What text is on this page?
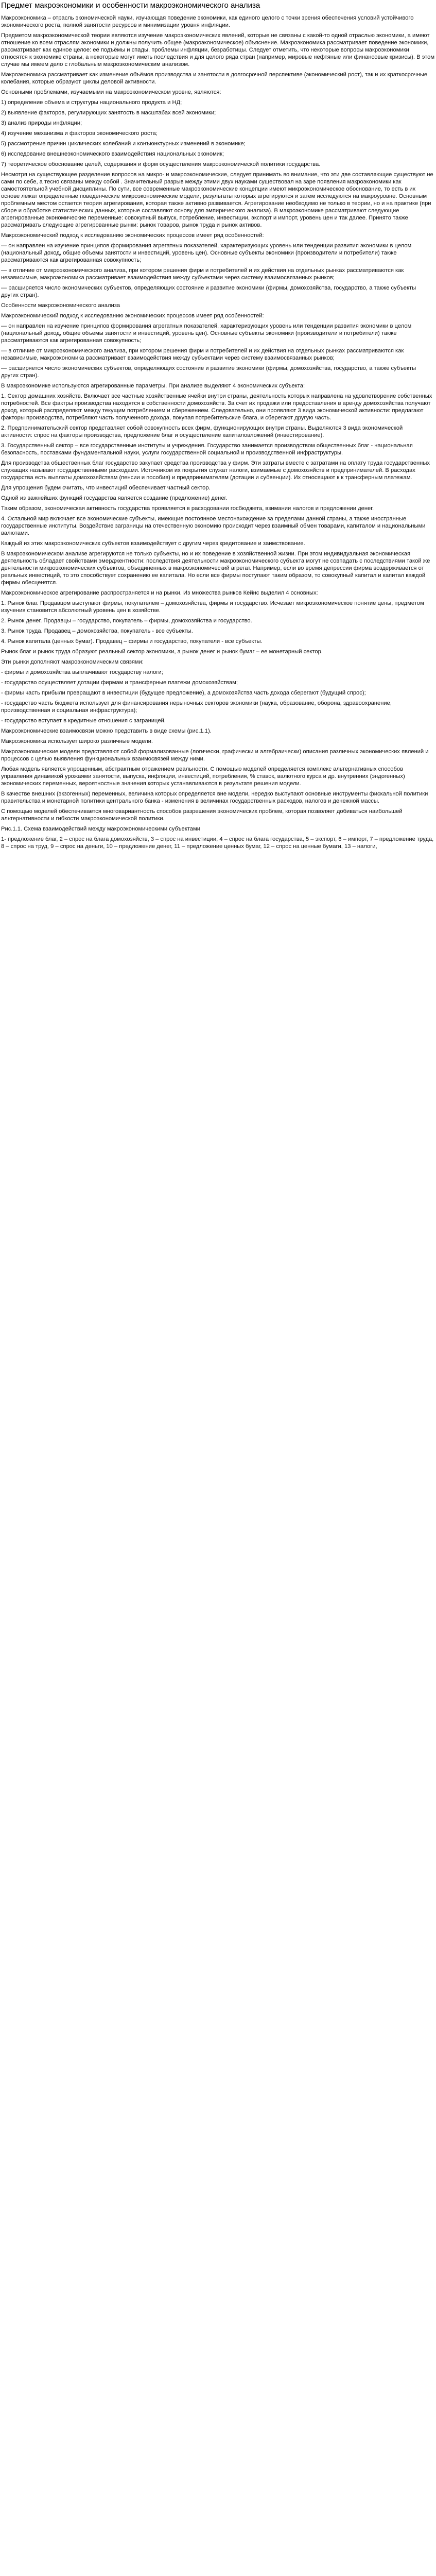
Предмет макроэкономики и особенности макроэкономического анализа

Макроэкономика – отрасль экономической науки, изучающая поведение экономики, как единого целого с точки зрения обеспечения условий устойчивого экономического роста, полной занятости ресурсов и минимизации уровня инфляции.

Предметом макроэкономической теории являются изучение макроэкономических явлений, которые не связаны с какой-то одной отраслью экономики, а имеют отношение ко всем отраслям экономики и должны получить общее (макроэкономическое) объяснение. Макроэкономика рассматривает поведение экономики, рассматривает как единое целое: её подъёмы и спады, проблемы инфляции, безработицы. Следует отметить, что некоторые вопросы макроэкономики относятся к экономике страны, а некоторые могут иметь последствия и для целого ряда стран (например, мировые нефтяные или финансовые кризисы). В этом случае мы имеем дело с глобальным макроэкономическим анализом.

Макроэкономика рассматривает как изменение объёмов производства и занятости в долгосрочной перспективе (экономический рост), так и их краткосрочные колебания, которые образуют циклы деловой активности.

Основными проблемами, изучаемыми на макроэкономическом уровне, являются:

1) определение объема и структуры национального продукта и НД;

2) выявление факторов, регулирующих занятость в масштабах всей экономики;

3) анализ природы инфляции;

4) изучение механизма и факторов экономического роста;

5) рассмотрение причин циклических колебаний и конъюнктурных изменений в экономике;

6) исследование внешнеэкономического взаимодействия национальных экономик;

7) теоретическое обоснование целей, содержания и форм осуществления макроэкономической политики государства.

Несмотря на существующее разделение вопросов на микро- и макроэкономические, следует принимать во внимание, что эти две составляющие существуют не сами по себе, а тесно связаны между собой . Значительный разрыв между этими двух науками существовал на заре появления макроэкономики как самостоятельной учебной дисциплины. По сути, все современные макроэкономические концепции имеют микроэкономическое обоснование, то есть в их основе лежат определенные поведенческие микроэкономические модели, результаты которых агрегируются и затем исследуются на макроуровне. Основным проблемным местом остается теория агрегирования, которая также активно развивается. Агрегирование необходимо не только в теории, но и на практике (при сборе и обработке статистических данных, которые составляют основу для эмпирического анализа). В макроэкономике рассматривают следующие агрегированные экономические переменные: совокупный выпуск, потребление, инвестиции, экспорт и импорт, уровень цен и так далее. Принято также рассматривать следующие агрегированные рынки: рынок товаров, рынок труда и рынок активов.

Макроэкономический подход к исследованию экономических процессов имеет ряд особенностей:

— он направлен на изучение принципов формирования агрегатных показателей, характеризующих уровень или тенденции развития экономики в целом (национальный доход, общие объемы занятости и инвестиций, уровень цен). Основные субъекты экономики (производители и потребители) также рассматриваются как агрегированная совокупность;

— в отличие от микроэкономического анализа, при котором решения фирм и потребителей и их действия на отдельных рынках рассматриваются как независимые, макроэкономика рассматривает взаимодействия между субъектами через систему взаимосвязанных рынков;

— расширяется число экономических субъектов, определяющих состояние и развитие экономики (фирмы, домохозяйства, государство, а также субъекты других стран).

Особенности макроэкономического анализа

Макроэкономический подход к исследованию экономических процессов имеет ряд особенностей:

— он направлен на изучение принципов формирования агрегатных показателей, характеризующих уровень или тенденции развития экономики в целом (национальный доход, общие объемы занятости и инвестиций, уровень цен). Основные субъекты экономики (производители и потребители) также рассматриваются как агрегированная совокупность;

— в отличие от микроэкономического анализа, при котором решения фирм и потребителей и их действия на отдельных рынках рассматриваются как независимые, макроэкономика рассматривает взаимодействия между субъектами через систему взаимосвязанных рынков;

— расширяется число экономических субъектов, определяющих состояние и развитие экономики (фирмы, домохозяйства, государство, а также субъекты других стран).

В макроэкономике используются агрегированные параметры. При анализе выделяют 4 экономических субъекта:

1. Сектор домашних хозяйств. Включает все частные хозяйственные ячейки внутри страны, деятельность которых направлена на удовлетворение собственных потребностей. Все фактры производства находятся в собственности домохозяйств. За счет их продажи или предоставления в аренду домохозяйства получают доход, который распределяют между текущим потреблением и сбережением. Следовательно, они проявляют 3 вида экономической активности: предлагают факторы производства, потребляют часть полученного дохода, покупая потребительские блага, и сберегают другую часть.

2. Предпринимательский сектор представляет собой совокупность всех фирм, функционирующих внутри страны. Выделяются 3 вида экономической активности: спрос на факторы производства, предложение благ и осуществление капиталовложений (инвестирование).

3. Государственный сектор – все государственные институты и учреждения. Государство занимается производством общественных благ - национальная безопасность, поставками фундаментальной науки, услуги государственной социальной и производственной инфраструктуры.

Для производства общественных благ государство закупает средства производства у фирм. Эти затраты вместе с затратами на оплату труда государственных служащих называют государственными расходами. Источником их покрытия служат налоги, взимаемые с домохозяйств и предпринимателей. В расходах государства есть выплаты домохозяйствам (пенсии и пособия) и предпринимателям (дотации и субвенции). Их относящают к к трансферным платежам.

Для упрощения будем считать, что инвестиций обеспечивает частный сектор.

Одной из важнейших функций государства является создание (предложение) денег.

Таким образом, экономическая активность государства проявляется в расходовании госбюджета, взимании налогов и предложении денег.

4. Остальной мир включает все экономические субъекты, имеющие постоянное местонахождение за пределами данной страны, а также иностранные государственные институты. Воздействие заграницы на отечественную экономию происходит через взаимный обмен товарами, капиталом и национальными валютами.

Каждый из этих макроэкономических субъектов взаимодействует с другим через кредитование и заимствование.

В макроэкономическом анализе агрегируются не только субъекты, но и их поведение в хозяйственной жизни. При этом индивидуальная экономическая деятельность обладает свойствами эмерджентности: последствия деятельности макроэкономического субъекта могут не совпадать с последствиями такой же деятельности микроэкономических субъектов, объединенных в макроэкономический агрегат. Например, если во время депрессии фирма воздерживается от реальных инвестиций, то это способствует сохранению ее капитала. Но если все фирмы поступают таким образом, то совокупный капитал и капитал каждой фирмы обесценятся.

Макроэкономическое агрегирование распространяется и на рынки. Из множества рынков Кейнс выделил 4 основных:

1. Рынок благ. Продавцом выступают фирмы, покупателем – домохозяйства, фирмы и государство. Исчезает микроэкономическое понятие цены, предметом изучения становится абсолютный уровень цен в хозяйстве.

2. Рынок денег. Продавцы – государство, покупатель – фирмы, домохозяйства и государство.

3. Рынок труда. Продавец – домохозяйства, покупатель - все субъекты.

4. Рынок капитала (ценных бумаг). Продавец – фирмы и государство, покупатели - все субъекты.

Рынок благ и рынок труда образуют реальный сектор экономики, а рынок денег и рынок бумаг – ее монетарный сектор.

Эти рынки дополняют макроэкономическим связями:

- фирмы и домохозяйства выплачивают государству налоги;

- государство осуществляет дотации фирмам и трансферные платежи домохозяйствам;

- фирмы часть прибыли превращают в инвестиции (будущее предложение), а домохозяйства часть дохода сберегают (будущий спрос);

- государство часть бюджета использует для финансирования нерыночных секторов экономики (наука, образование, оборона, здравоохранение, производственная и социальная инфраструктура);

- государство вступает в кредитные отношения с заграницей.

Макроэкономические взаимосвязи можно представить в виде схемы (рис.1.1).

Макроэкономика использует широко различные модели.

Макроэкономические модели представляют собой формализованные (логически, графически и алгебраически) описания различных экономических явлений и процессов с целью выявления функциональных взаимосвязей между ними.

Любая модель является упрощенным, абстрактным отражением реальности. С помощью моделей определяется комплекс альтернативных способов управления динамикой урожаями занятости, выпуска, инфляции, инвестиций, потребления, % ставок, валютного курса и др. внутренних (эндогенных) экономических переменных, вероятностные значения которых устанавливаются в результате решения модели.

В качестве внешних (экзогенных) переменных, величина которых определяется вне модели, нередко выступают основные инструменты фискальной политики правительства и монетарной политики центрального банка - изменения в величинах государственных расходов, налогов и денежной массы.

С помощью моделей обеспечивается многовариантность способов разрешения экономических проблем, которая позволяет добиваться наибольшей альтернативности и гибкости макроэкономической политики.

Рис.1.1. Схема взаимодействий между макроэкономическими субъектами

1- предложение благ, 2 – спрос на блага домохозяйств, 3 – спрос на инвестиции, 4 – спрос на блага государства, 5 – экспорт, 6 – импорт, 7 – предложение труда, 8 – спрос на труд, 9 – спрос на деньги, 10 – предложение денег, 11 – предложение ценных бумаг, 12 – спрос на ценные бумаги, 13 – налоги,
